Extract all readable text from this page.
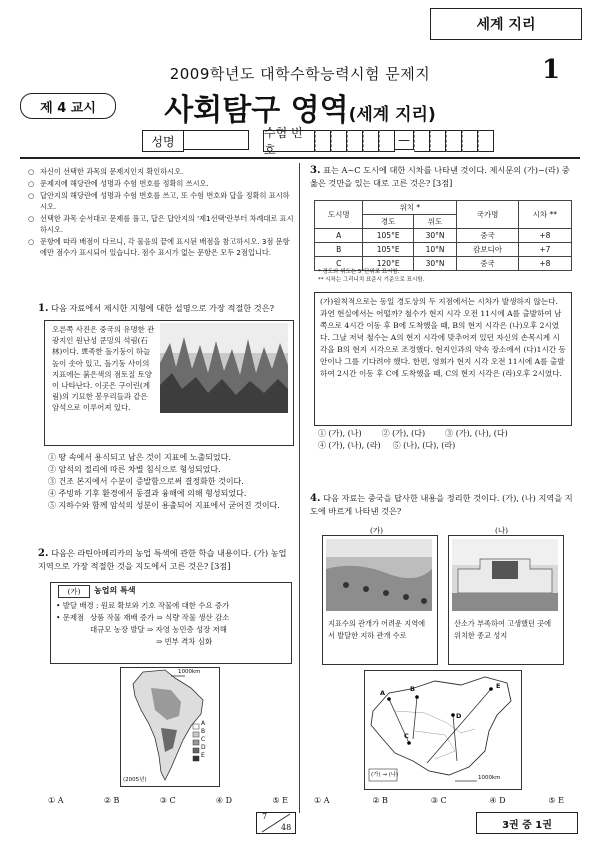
세계 지리
2009학년도 대학수학능력시험 문제지	1
제 4 교시	사회탐구 영역(세계 지리)
성명
수험 번호
—
○ 자신이 선택한 과목의 문제지인지 확인하시오.
○ 문제지에 해당란에 성명과 수험 번호를 정확히 쓰시오.
○ 답안지의 해당란에 성명과 수험 번호를 쓰고, 또 수험 번호와 답을 정확히 표시하시오.
○ 선택한 과목 순서대로 문제를 풀고, 답은 답안지의 '제1선택'란부터 차례대로 표시하시오.
○ 문항에 따라 배점이 다르니, 각 물음의 끝에 표시된 배점을 참고하시오. 3점 문항에만 점수가 표시되어 있습니다. 점수 표시가 없는 문항은 모두 2점입니다.
1. 다음 자료에서 제시한 지형에 대한 설명으로 가장 적절한 것은?
오른쪽 사진은 중국의 유명한 관광지인 원난성 쿤밍의 석림(石林)이다. 뾰족한 돌기둥이 하늘 높이 솟아 있고, 돌기둥 사이의 지표에는 붉은색의 점토질 토양이 나타난다. 이곳은 구이린(계림)의 기묘한 봉우리들과 같은 암석으로 이루어져 있다.
① 땅 속에서 용식되고 남은 것이 지표에 노출되었다.
② 암석의 절리에 따른 차별 침식으로 형성되었다.
③ 건조 본지에서 수분이 증발함으로써 결정화한 것이다.
④ 주빙하 기후 환경에서 동결과 융해에 의해 형성되었다.
⑤ 지하수와 함께 암석의 성분이 용출되어 지표에서 굳어진 것이다.
2. 다음은 라틴아메리카의 농업 특색에 관한 학습 내용이다. (가) 농업 지역으로 가장 적절한 것을 지도에서 고른 것은? [3점]
(가)	농업의 특색
• 발달 배경 : 원료 확보와 기호 작물에 대한 수요 증가
• 문제점 상품 작물 재배 증가 ⇒ 식량 작물 생산 감소
대규모 농장 발달 ⇒ 자영 농민층 성장 저해
⇒ 빈부 격차 심화
A
B
C
D
E
1000km
(2005년)
① A	② B	③ C	④ D	⑤ E
3. 표는 A~C 도시에 대한 시차를 나타낸 것이다. 제시문의 (가)~(라) 중 옳은 것만을 있는 대로 고른 것은? [3점]
도시명	위치 *		국가명	시차 **
	경도	위도		
A	105°E	30°N	중국	+8
B	105°E	10°N	캄보디아	+7
C	120°E	30°N	중국	+8
* 경도와 위도는 5°단위로 표시함.
** 시차는 그리니치 표준시 기준으로 표시함.
(가)원칙적으로는 동일 경도상의 두 지점에서는 시차가 발생하지 않는다. 과연 현실에서는 어떨까? 철수가 현지 시각 오전 11시에 A를 출발하여 남쪽으로 4시간 이동 후 B에 도착했을 때, B의 현지 시각은 (나)오후 2시였다. 그날 저녁 철수는 A의 현지 시각에 맞추어져 있던 자신의 손목시계 시각을 B의 현지 시각으로 조정했다. 현지인과의 약속 장소에서 (다)1시간 동안이나 그를 기다려야 했다. 한편, 영희가 현지 시각 오전 11시에 A를 출발하여 2시간 이동 후 C에 도착했을 때, C의 현지 시각은 (라)오후 2시였다.
① (가), (나)	② (가), (다)	③ (가), (나), (다)
④ (가), (나), (라) ⑤ (나), (다), (라)
4. 다음 자료는 중국을 답사한 내용을 정리한 것이다. (가), (나) 지역을 지도에 바르게 나타낸 것은?
(가)	(나)
지표수의 관개가 어려운 지역에서 발달한 지하 관개 수로
산소가 부족하여 고생했던 곳에 위치한 종교 성지
A	B
C
D
E
(가) → (나)	1000km
① A	② B	③ C	④ D	⑤ E
7
48	3권 중 1권
